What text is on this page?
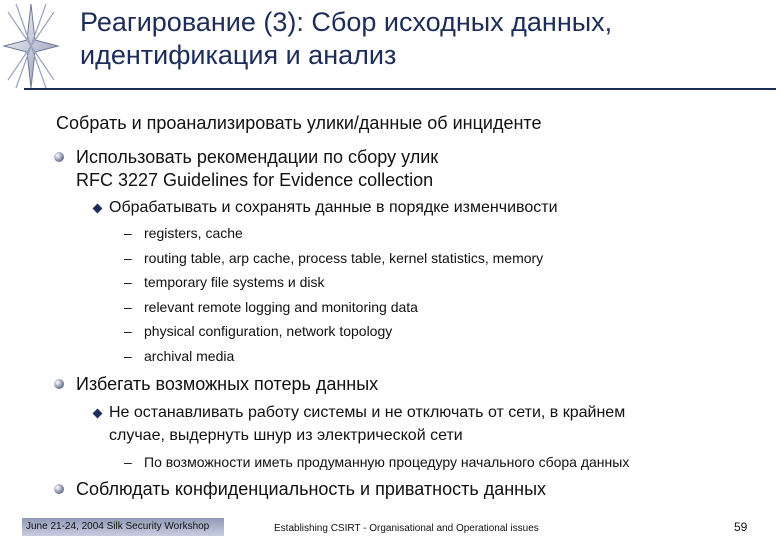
Реагирование (3): Сбор исходных данных,
идентификация и анализ
Собрать и проанализировать улики/данные об инциденте
Использовать рекомендации по сбору улик
RFC 3227 Guidelines for Evidence collection
Обрабатывать и сохранять данные в порядке изменчивости
– registers, cache
– routing table, arp cache, process table, kernel statistics, memory
– temporary file systems и disk
– relevant remote logging and monitoring data
– physical configuration, network topology
– archival media
Избегать возможных потерь данных
Не останавливать работу системы и не отключать от сети, в крайнем
случае, выдернуть шнур из электрической сети
– По возможности иметь продуманную процедуру начального сбора данных
Соблюдать конфиденциальность и приватность данных
June 21-24, 2004 Silk Security Workshop	Establishing CSIRT - Organisational and Operational issues	59
